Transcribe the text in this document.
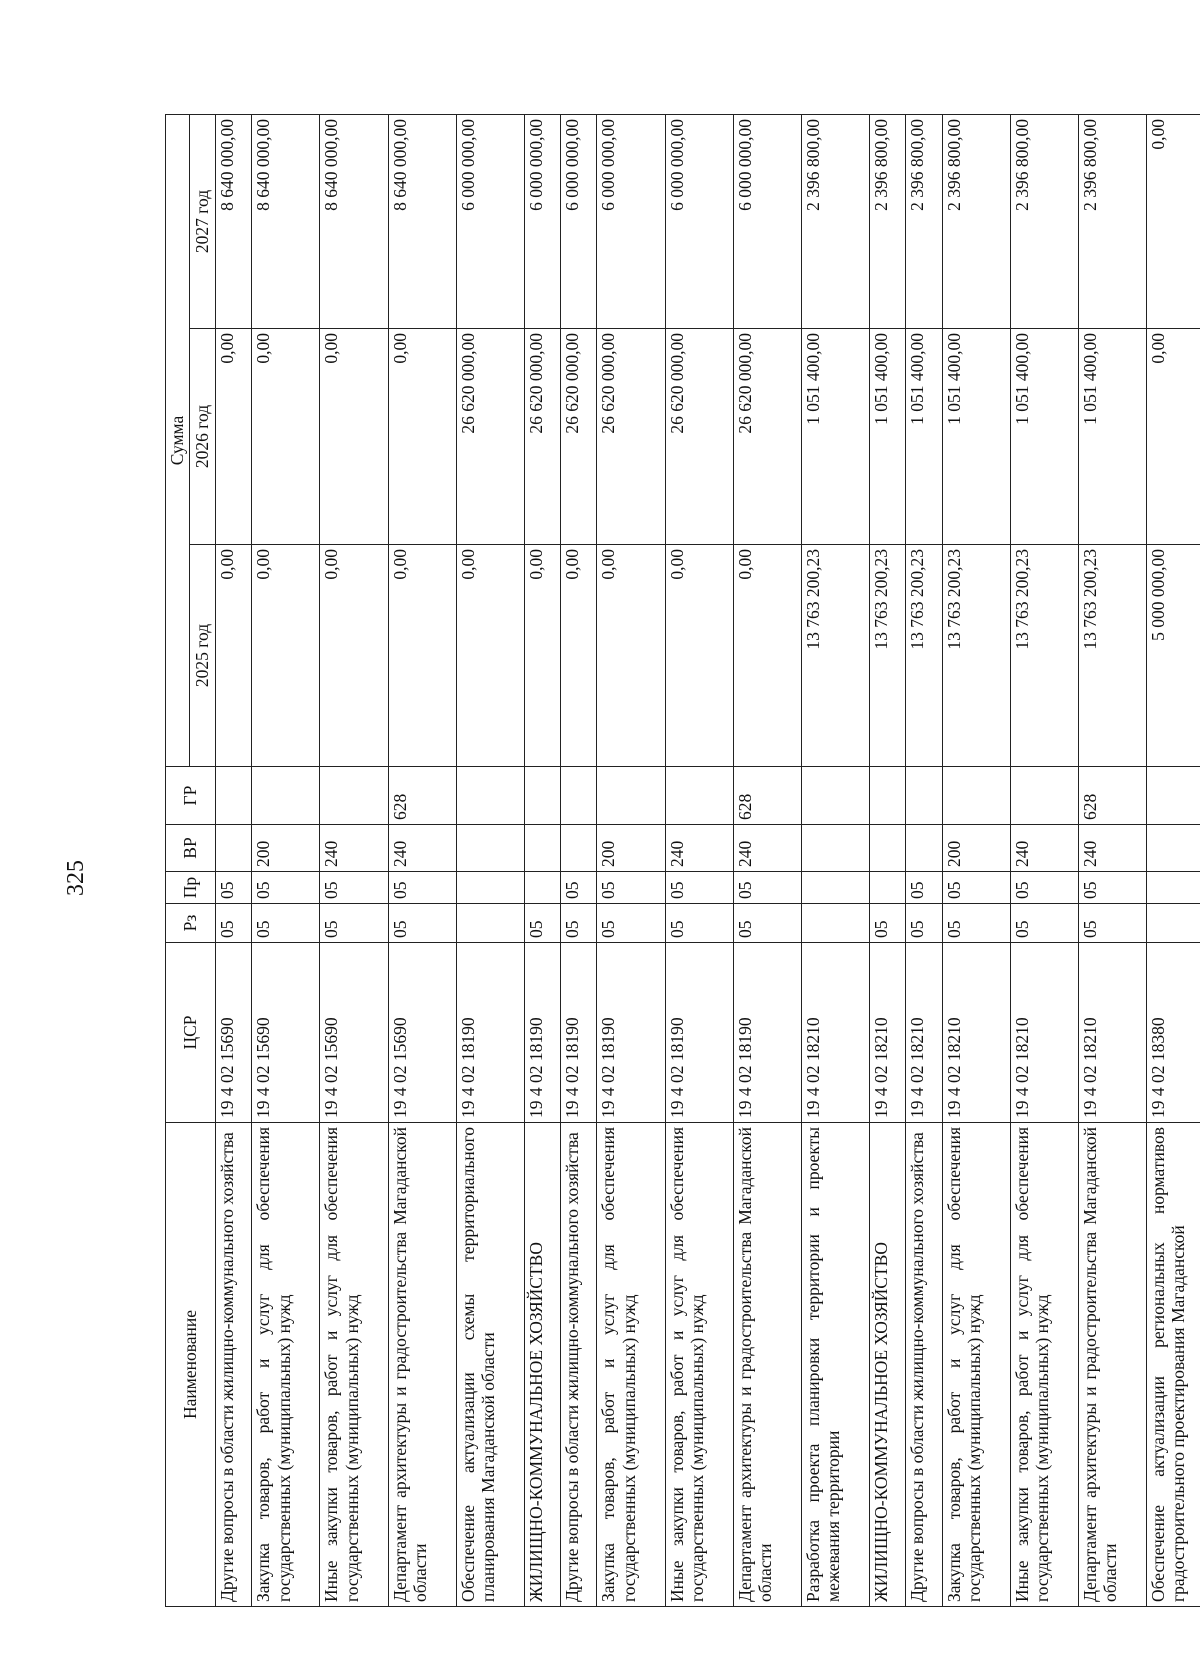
325
Наименование	ЦСР	Рз	Пр	ВР	ГР	Сумма		
						2025 год	2026 год	2027 год
Другие вопросы в области жилищно-коммунального хозяйства	19 4 02 15690	05	05			0,00	0,00	8 640 000,00
Закупка товаров, работ и услуг для обеспечения государственных (муниципальных) нужд	19 4 02 15690	05	05	200		0,00	0,00	8 640 000,00
Иные закупки товаров, работ и услуг для обеспечения государственных (муниципальных) нужд	19 4 02 15690	05	05	240		0,00	0,00	8 640 000,00
Департамент архитектуры и градостроительства Магаданской области	19 4 02 15690	05	05	240	628	0,00	0,00	8 640 000,00
Обеспечение актуализации схемы территориального планирования Магаданской области	19 4 02 18190					0,00	26 620 000,00	6 000 000,00
ЖИЛИЩНО-КОММУНАЛЬНОЕ ХОЗЯЙСТВО	19 4 02 18190	05				0,00	26 620 000,00	6 000 000,00
Другие вопросы в области жилищно-коммунального хозяйства	19 4 02 18190	05	05			0,00	26 620 000,00	6 000 000,00
Закупка товаров, работ и услуг для обеспечения государственных (муниципальных) нужд	19 4 02 18190	05	05	200		0,00	26 620 000,00	6 000 000,00
Иные закупки товаров, работ и услуг для обеспечения государственных (муниципальных) нужд	19 4 02 18190	05	05	240		0,00	26 620 000,00	6 000 000,00
Департамент архитектуры и градостроительства Магаданской области	19 4 02 18190	05	05	240	628	0,00	26 620 000,00	6 000 000,00
Разработка проекта планировки территории и проекты межевания территории	19 4 02 18210					13 763 200,23	1 051 400,00	2 396 800,00
ЖИЛИЩНО-КОММУНАЛЬНОЕ ХОЗЯЙСТВО	19 4 02 18210	05				13 763 200,23	1 051 400,00	2 396 800,00
Другие вопросы в области жилищно-коммунального хозяйства	19 4 02 18210	05	05			13 763 200,23	1 051 400,00	2 396 800,00
Закупка товаров, работ и услуг для обеспечения государственных (муниципальных) нужд	19 4 02 18210	05	05	200		13 763 200,23	1 051 400,00	2 396 800,00
Иные закупки товаров, работ и услуг для обеспечения государственных (муниципальных) нужд	19 4 02 18210	05	05	240		13 763 200,23	1 051 400,00	2 396 800,00
Департамент архитектуры и градостроительства Магаданской области	19 4 02 18210	05	05	240	628	13 763 200,23	1 051 400,00	2 396 800,00
Обеспечение актуализации региональных нормативов градостроительного проектирования Магаданской	19 4 02 18380					5 000 000,00	0,00	0,00
